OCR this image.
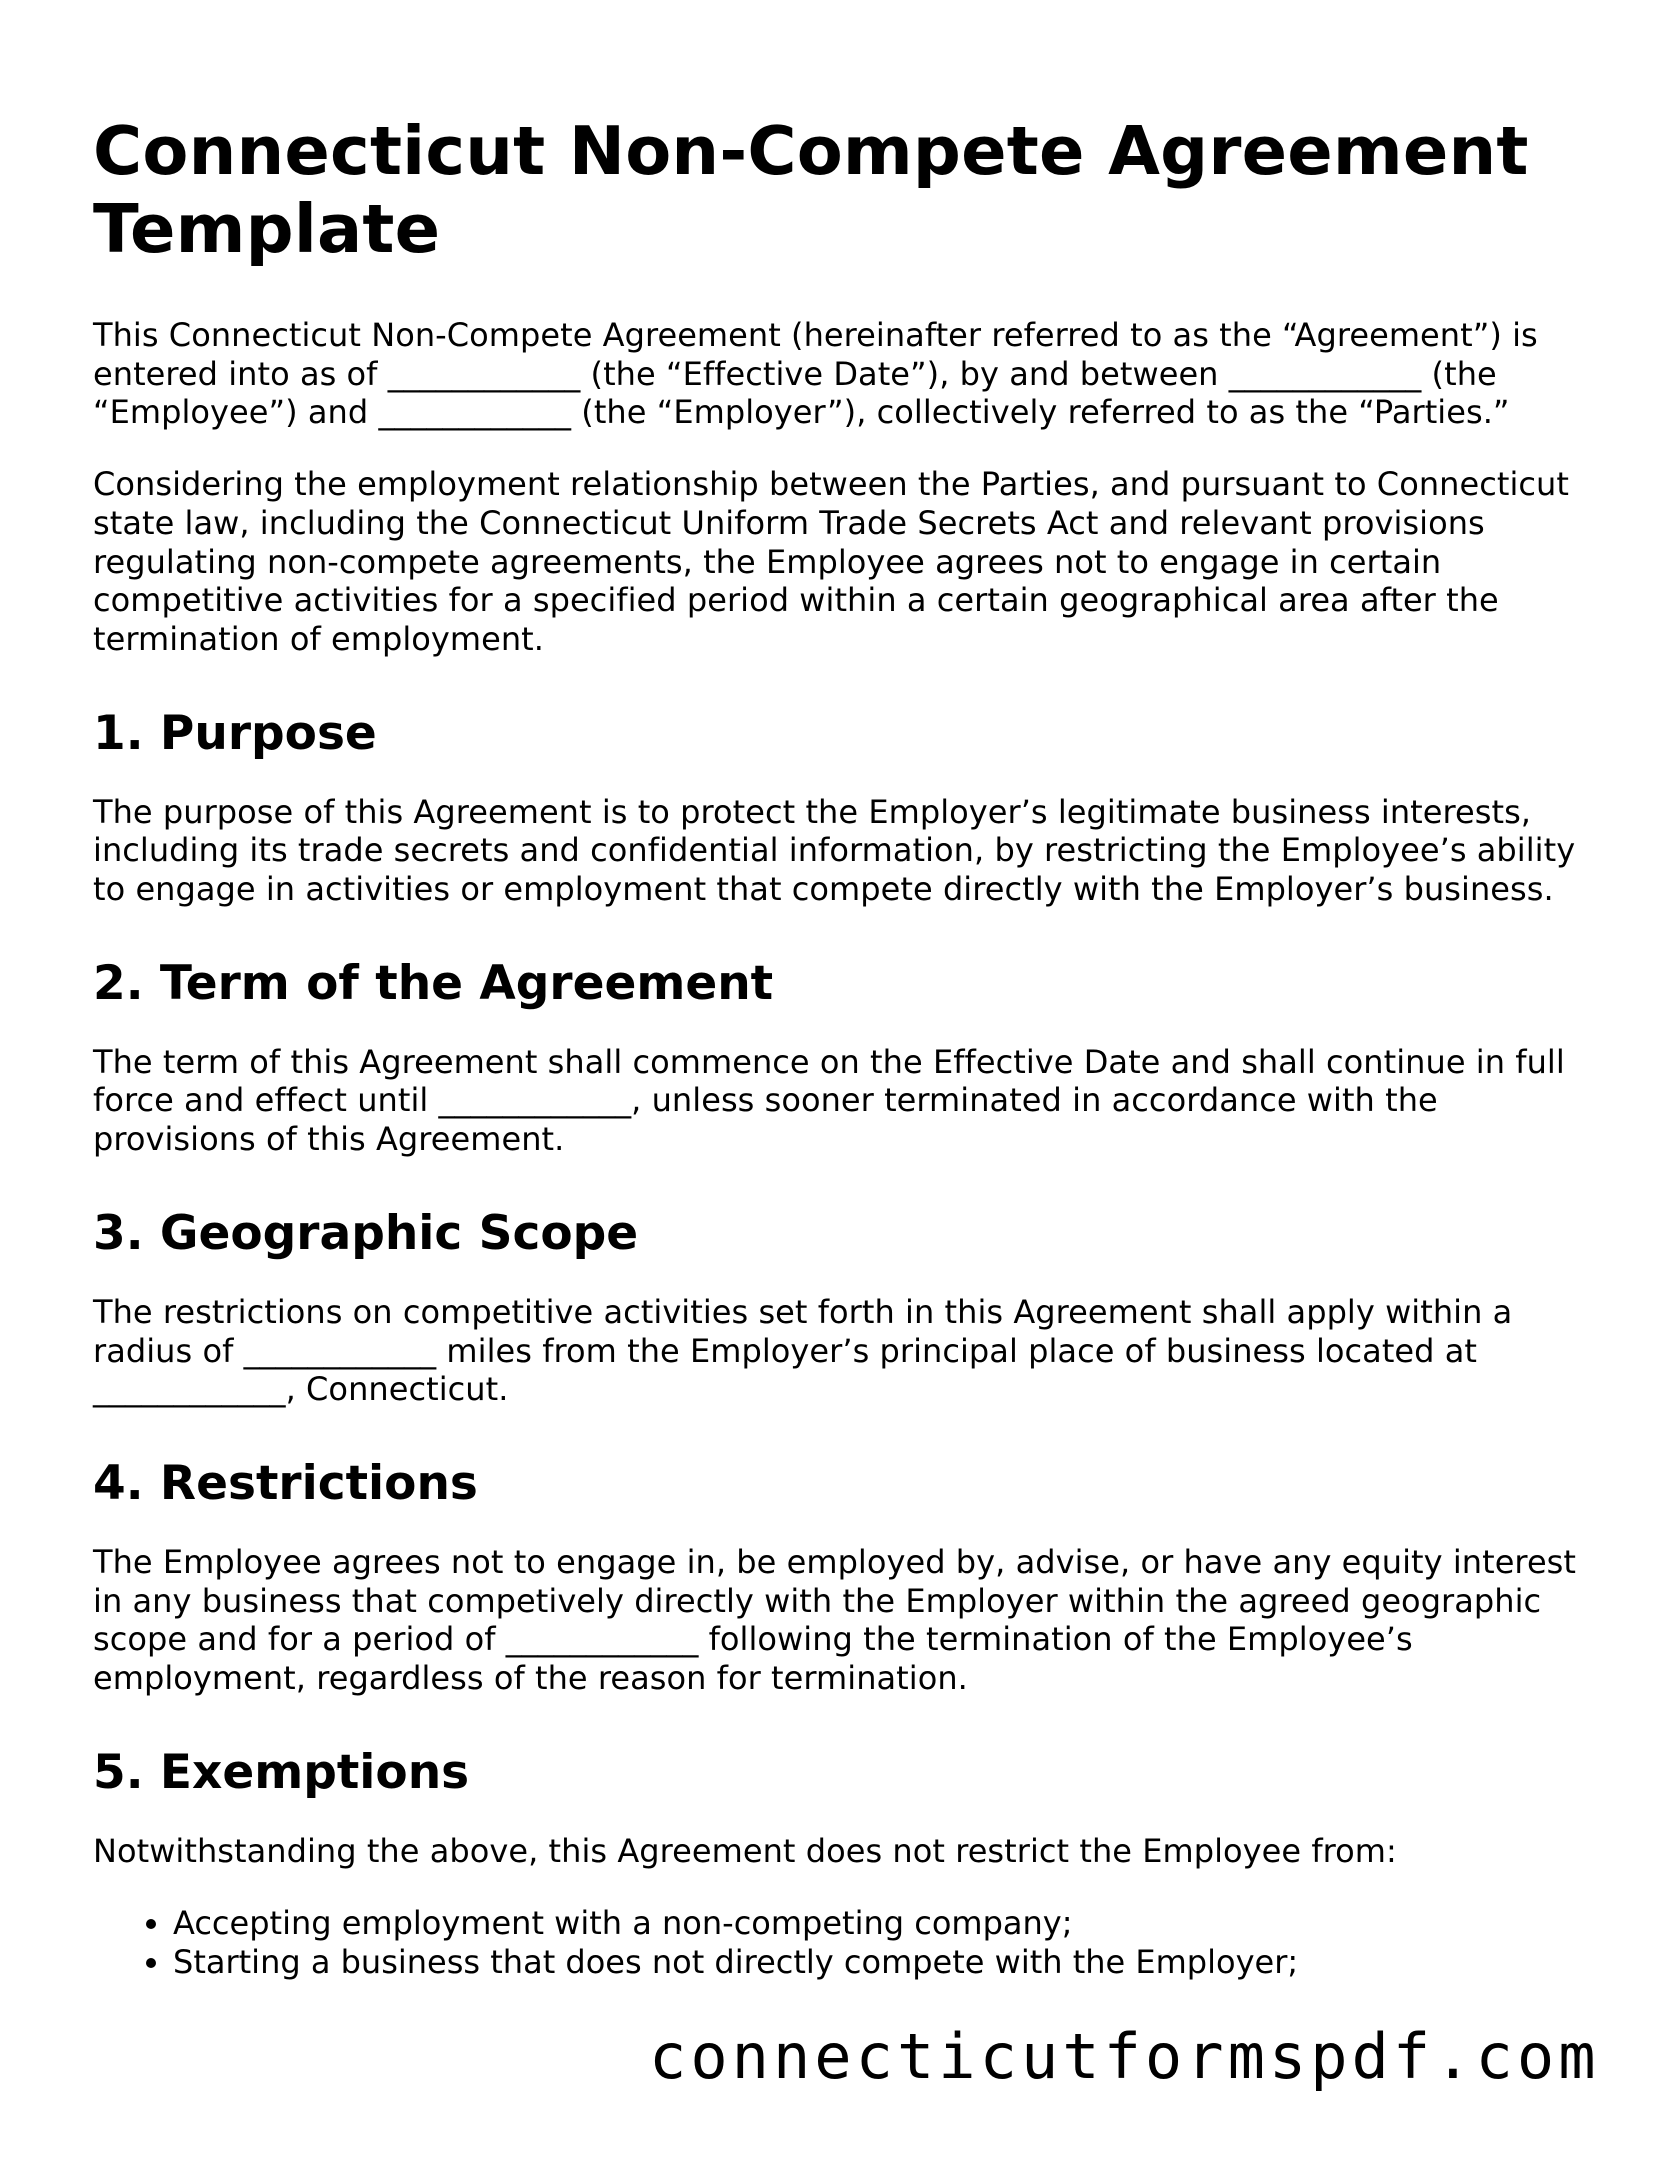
Connecticut Non-Compete Agreement Template

This Connecticut Non-Compete Agreement (hereinafter referred to as the “Agreement”) is entered into as of ____________ (the “Effective Date”), by and between ____________ (the “Employee”) and ____________ (the “Employer”), collectively referred to as the “Parties.”

Considering the employment relationship between the Parties, and pursuant to Connecticut state law, including the Connecticut Uniform Trade Secrets Act and relevant provisions regulating non-compete agreements, the Employee agrees not to engage in certain competitive activities for a specified period within a certain geographical area after the termination of employment.

1. Purpose

The purpose of this Agreement is to protect the Employer’s legitimate business interests, including its trade secrets and confidential information, by restricting the Employee’s ability to engage in activities or employment that compete directly with the Employer’s business.

2. Term of the Agreement

The term of this Agreement shall commence on the Effective Date and shall continue in full force and effect until ____________, unless sooner terminated in accordance with the provisions of this Agreement.

3. Geographic Scope

The restrictions on competitive activities set forth in this Agreement shall apply within a radius of ____________ miles from the Employer’s principal place of business located at ____________, Connecticut.

4. Restrictions

The Employee agrees not to engage in, be employed by, advise, or have any equity interest in any business that competively directly with the Employer within the agreed geographic scope and for a period of ____________ following the termination of the Employee’s employment, regardless of the reason for termination.

5. Exemptions

Notwithstanding the above, this Agreement does not restrict the Employee from:

• Accepting employment with a non-competing company;
• Starting a business that does not directly compete with the Employer;
connecticutformspdf.com
